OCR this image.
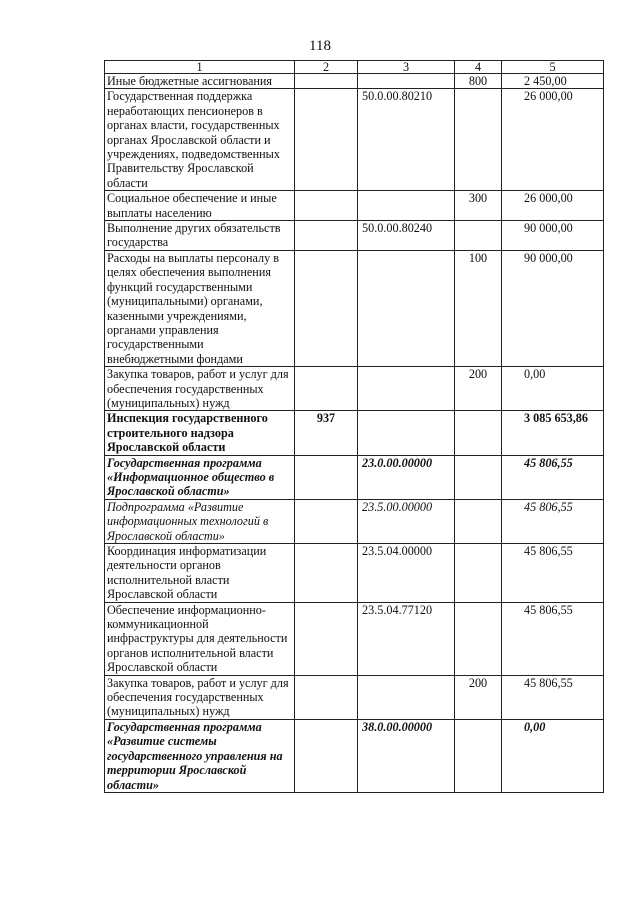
118
1	2	3	4	5
Иные бюджетные ассигнования			800	2 450,00
Государственная поддержка неработающих пенсионеров в органах власти, государственных органах Ярославской области и учреждениях, подведомственных Правительству Ярославской области		50.0.00.80210		26 000,00
Социальное обеспечение и иные выплаты населению			300	26 000,00
Выполнение других обязательств государства		50.0.00.80240		90 000,00
Расходы на выплаты персоналу в целях обеспечения выполнения функций государственными (муниципальными) органами, казенными учреждениями, органами управления государственными внебюджетными фондами			100	90 000,00
Закупка товаров, работ и услуг для обеспечения государственных (муниципальных) нужд			200	0,00
Инспекция государственного строительного надзора Ярославской области	937			3 085 653,86
Государственная программа «Информационное общество в Ярославской области»		23.0.00.00000		45 806,55
Подпрограмма «Развитие информационных технологий в Ярославской области»		23.5.00.00000		45 806,55
Координация информатизации деятельности органов исполнительной власти Ярославской области		23.5.04.00000		45 806,55
Обеспечение информационно-коммуникационной инфраструктуры для деятельности органов исполнительной власти Ярославской области		23.5.04.77120		45 806,55
Закупка товаров, работ и услуг для обеспечения государственных (муниципальных) нужд			200	45 806,55
Государственная программа «Развитие системы государственного управления на территории Ярославской области»		38.0.00.00000		0,00
